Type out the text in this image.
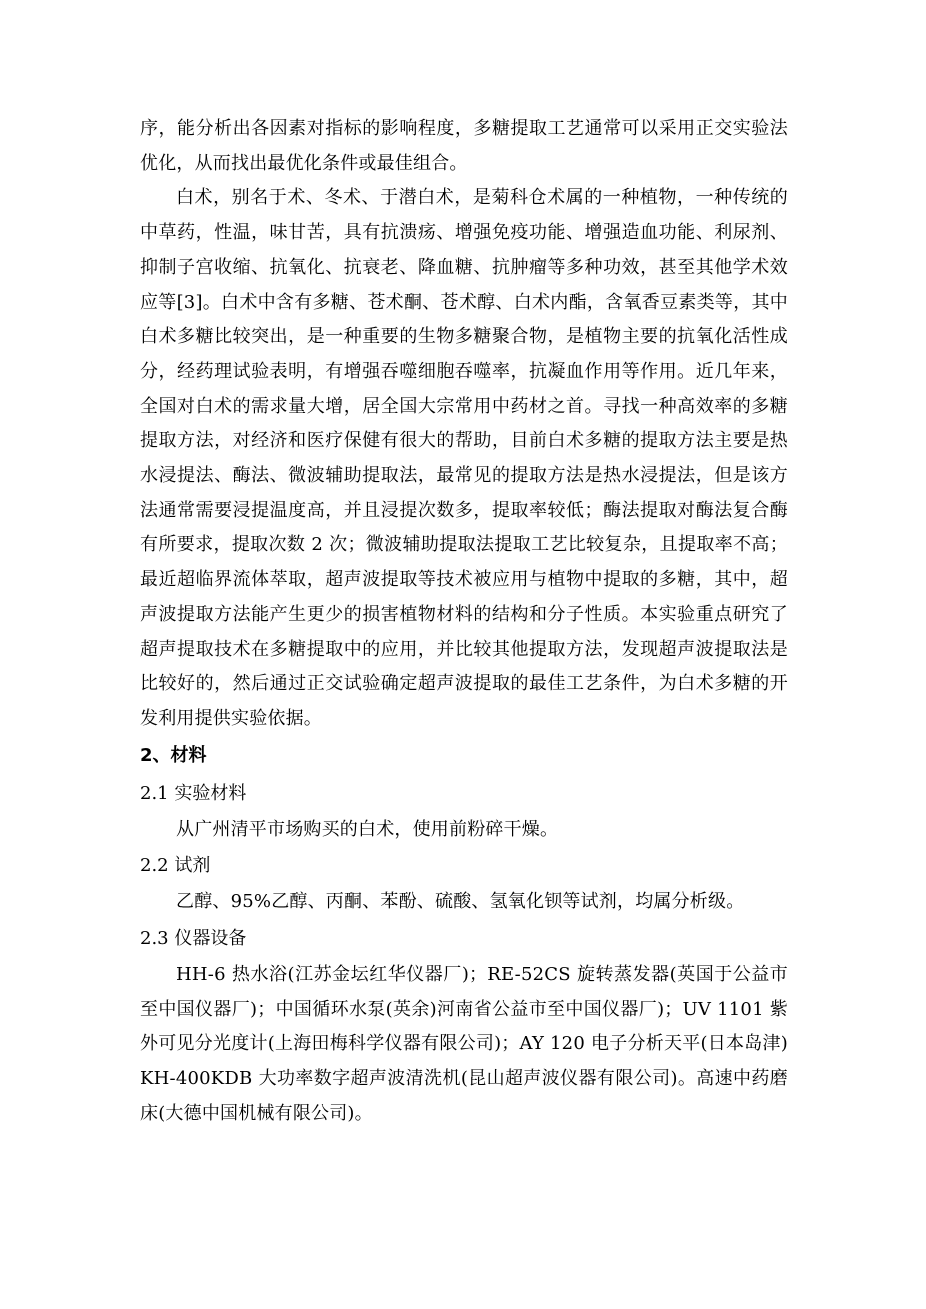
序，能分析出各因素对指标的影响程度，多糖提取工艺通常可以采用正交实验法优化，从而找出最优化条件或最佳组合。

白术，别名于术、冬术、于潜白术，是菊科仓术属的一种植物，一种传统的中草药，性温，味甘苦，具有抗溃疡、增强免疫功能、增强造血功能、利尿剂、抑制子宫收缩、抗氧化、抗衰老、降血糖、抗肿瘤等多种功效，甚至其他学术效应等[3]。白术中含有多糖、苍术酮、苍术醇、白术内酯，含氧香豆素类等，其中白术多糖比较突出，是一种重要的生物多糖聚合物，是植物主要的抗氧化活性成分，经药理试验表明，有增强吞噬细胞吞噬率，抗凝血作用等作用。近几年来，全国对白术的需求量大增，居全国大宗常用中药材之首。寻找一种高效率的多糖提取方法，对经济和医疗保健有很大的帮助，目前白术多糖的提取方法主要是热水浸提法、酶法、微波辅助提取法，最常见的提取方法是热水浸提法，但是该方法通常需要浸提温度高，并且浸提次数多，提取率较低；酶法提取对酶法复合酶有所要求，提取次数 2 次；微波辅助提取法提取工艺比较复杂，且提取率不高；最近超临界流体萃取，超声波提取等技术被应用与植物中提取的多糖，其中，超声波提取方法能产生更少的损害植物材料的结构和分子性质。本实验重点研究了超声提取技术在多糖提取中的应用，并比较其他提取方法，发现超声波提取法是比较好的，然后通过正交试验确定超声波提取的最佳工艺条件，为白术多糖的开发利用提供实验依据。

2、材料
2.1 实验材料

从广州清平市场购买的白术，使用前粉碎干燥。

2.2 试剂

乙醇、95%乙醇、丙酮、苯酚、硫酸、氢氧化钡等试剂，均属分析级。

2.3 仪器设备

HH-6 热水浴(江苏金坛红华仪器厂)；RE-52CS 旋转蒸发器(英国于公益市至中国仪器厂)；中国循环水泵(英余)河南省公益市至中国仪器厂)；UV 1101 紫外可见分光度计(上海田梅科学仪器有限公司)；AY 120 电子分析天平(日本岛津)KH-400KDB 大功率数字超声波清洗机(昆山超声波仪器有限公司)。高速中药磨床(大德中国机械有限公司)。
